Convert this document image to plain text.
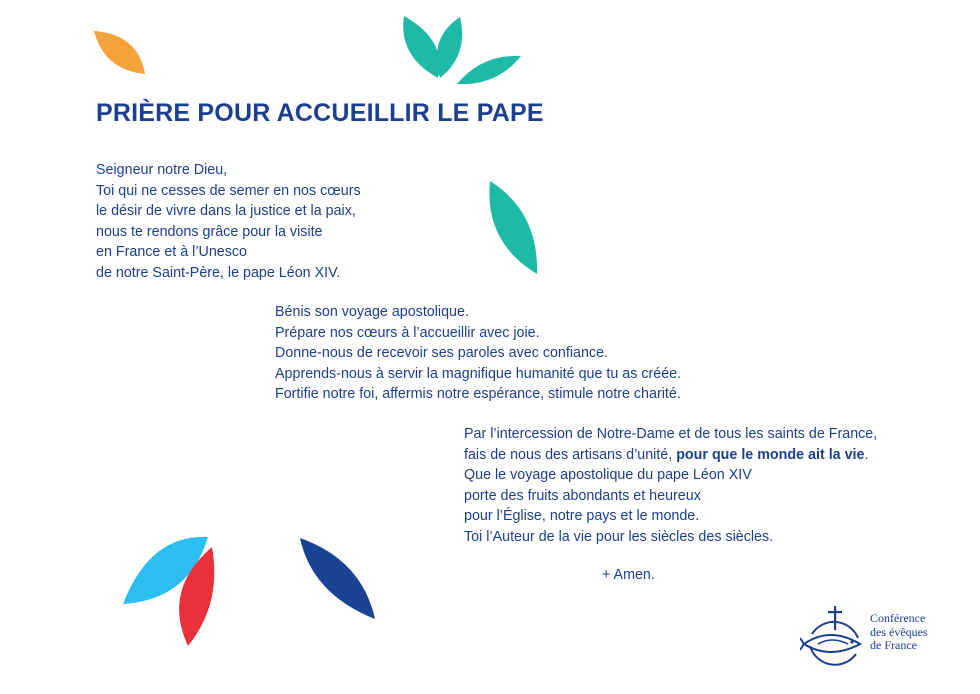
PRIÈRE POUR ACCUEILLIR LE PAPE

Seigneur notre Dieu,

Toi qui ne cesses de semer en nos cœurs

le désir de vivre dans la justice et la paix,

nous te rendons grâce pour la visite

en France et à l’Unesco

de notre Saint-Père, le pape Léon XIV.

Bénis son voyage apostolique.

Prépare nos cœurs à l’accueillir avec joie.

Donne-nous de recevoir ses paroles avec confiance.

Apprends-nous à servir la magnifique humanité que tu as créée.

Fortifie notre foi, affermis notre espérance, stimule notre charité.

Par l’intercession de Notre-Dame et de tous les saints de France,

fais de nous des artisans d’unité, pour que le monde ait la vie.

Que le voyage apostolique du pape Léon XIV

porte des fruits abondants et heureux

pour l’Église, notre pays et le monde.

Toi l’Auteur de la vie pour les siècles des siècles.

+ Amen.
Conférence
des évêques
de France
